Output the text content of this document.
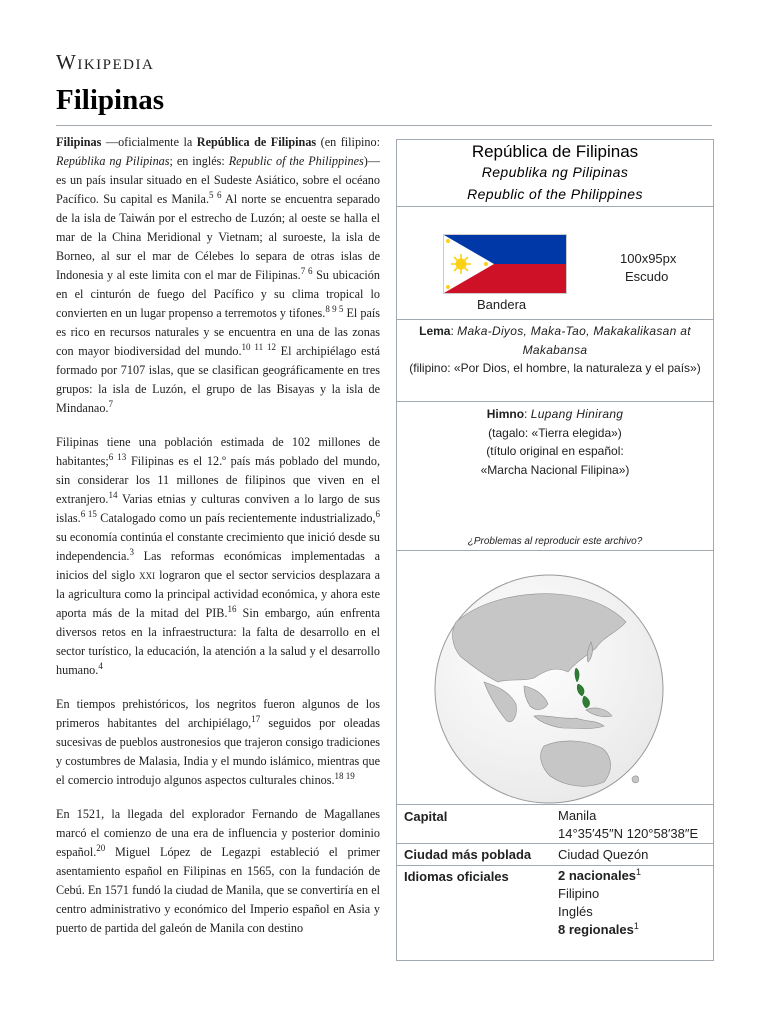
Wikipedia
Filipinas

Filipinas —oficialmente la República de Filipinas (en filipino: Repúblika ng Pilipinas; en inglés: Republic of the Philippines)— es un país insular situado en el Sudeste Asiático, sobre el océano Pacífico. Su capital es Manila.$^{5 6}$ Al norte se encuentra separado de la isla de Taiwán por el estrecho de Luzón; al oeste se halla el mar de la China Meridional y Vietnam; al suroeste, la isla de Borneo, al sur el mar de Célebes lo separa de otras islas de Indonesia y al este limita con el mar de Filipinas.$^{7 6}$ Su ubicación en el cinturón de fuego del Pacífico y su clima tropical lo convierten en un lugar propenso a terremotos y tifones.$^{8 9 5}$ El país es rico en recursos naturales y se encuentra en una de las zonas con mayor biodiversidad del mundo.$^{10 11 12}$ El archipiélago está formado por 7107 islas, que se clasifican geográficamente en tres grupos: la isla de Luzón, el grupo de las Bisayas y la isla de Mindanao.$^7$

Filipinas tiene una población estimada de 102 millones de habitantes;$^{6 13}$ Filipinas es el 12.º país más poblado del mundo, sin considerar los 11 millones de filipinos que viven en el extranjero.$^{14}$ Varias etnias y culturas conviven a lo largo de sus islas.$^{6 15}$ Catalogado como un país recientemente industrializado,$^6$ su economía continúa el constante crecimiento que inició desde su independencia.$^3$ Las reformas económicas implementadas a inicios del siglo xxi lograron que el sector servicios desplazara a la agricultura como la principal actividad económica, y ahora este aporta más de la mitad del PIB.$^{16}$ Sin embargo, aún enfrenta diversos retos en la infraestructura: la falta de desarrollo en el sector turístico, la educación, la atención a la salud y el desarrollo humano.$^4$

En tiempos prehistóricos, los negritos fueron algunos de los primeros habitantes del archipiélago,$^{17}$ seguidos por oleadas sucesivas de pueblos austronesios que trajeron consigo tradiciones y costumbres de Malasia, India y el mundo islámico, mientras que el comercio introdujo algunos aspectos culturales chinos.$^{18 19}$

En 1521, la llegada del explorador Fernando de Magallanes marcó el comienzo de una era de influencia y posterior dominio español.$^{20}$ Miguel López de Legazpi estableció el primer asentamiento español en Filipinas en 1565, con la fundación de Cebú. En 1571 fundó la ciudad de Manila, que se convertiría en el centro administrativo y económico del Imperio español en Asia y puerto de partida del galeón de Manila con destino

República de Filipinas
Republika ng Pilipinas
Republic of the Philippines
Bandera
100x95px
Escudo
Lema: Maka-Diyos, Maka-Tao, Makakalikasan at Makabansa
(filipino: «Por Dios, el hombre, la naturaleza y el país»)
Himno: Lupang Hinirang
(tagalo: «Tierra elegida»)
(título original en español:
«Marcha Nacional Filipina»)
¿Problemas al reproducir este archivo?
Capital	Manila
14°35′45″N 120°58′38″E
Ciudad más poblada Ciudad Quezón
Idiomas oficiales	2 nacionales$^1$
Filipino
Inglés
8 regionales$^1$
